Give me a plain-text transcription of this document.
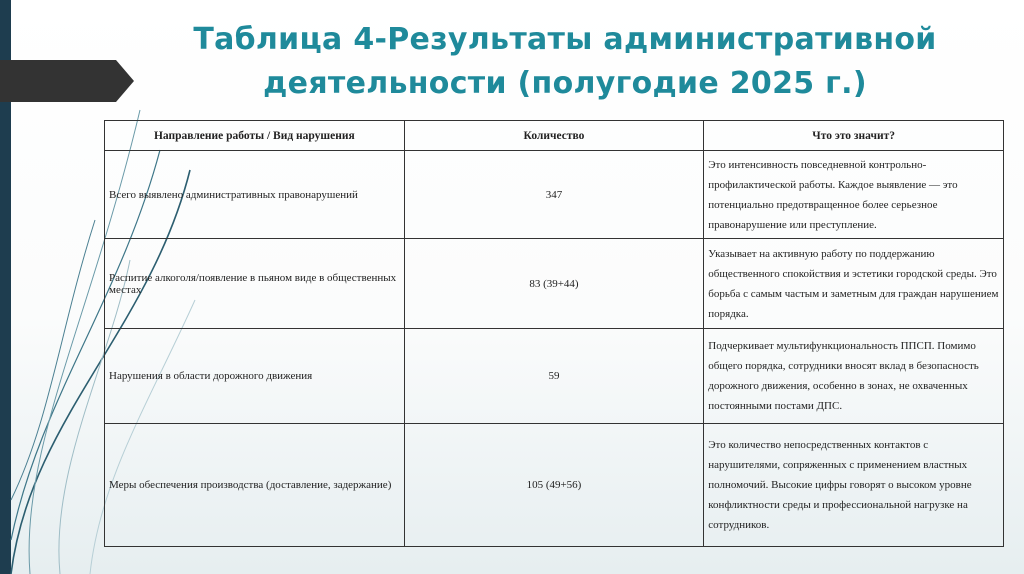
Таблица 4-Результаты административной деятельности (полугодие 2025 г.)
Направление работы / Вид нарушения	Количество	Что это значит?
Всего выявлено административных правонарушений	347	Это интенсивность повседневной контрольно-профилактической работы. Каждое выявление — это потенциально предотвращенное более серьезное правонарушение или преступление.
Распитие алкоголя/появление в пьяном виде в общественных местах	83 (39+44)	Указывает на активную работу по поддержанию общественного спокойствия и эстетики городской среды. Это борьба с самым частым и заметным для граждан нарушением порядка.
Нарушения в области дорожного движения	59	Подчеркивает мультифункциональность ППСП. Помимо общего порядка, сотрудники вносят вклад в безопасность дорожного движения, особенно в зонах, не охваченных постоянными постами ДПС.
Меры обеспечения производства (доставление, задержание)	105 (49+56)	Это количество непосредственных контактов с нарушителями, сопряженных с применением властных полномочий. Высокие цифры говорят о высоком уровне конфликтности среды и профессиональной нагрузке на сотрудников.
